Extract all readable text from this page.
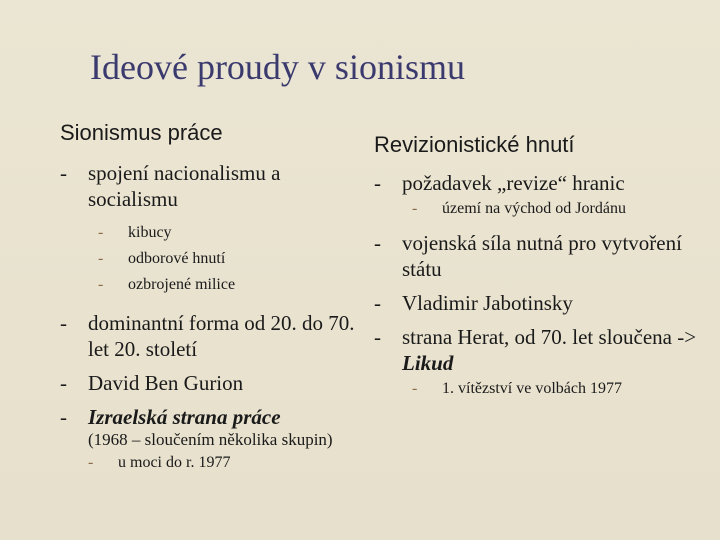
Ideové proudy v sionismu
Sionismus práce
- spojení nacionalismu a socialismu
- kibucy
- odborové hnutí
- ozbrojené milice
- dominantní forma od 20. do 70. let 20. století
- David Ben Gurion
- Izraelská strana práce
(1968 – sloučením několika skupin)
- u moci do r. 1977
Revizionistické hnutí
- požadavek „revize“ hranic
- území na východ od Jordánu
- vojenská síla nutná pro vytvoření státu
- Vladimir Jabotinsky
- strana Herat, od 70. let sloučena -> Likud
- 1. vítězství ve volbách 1977
